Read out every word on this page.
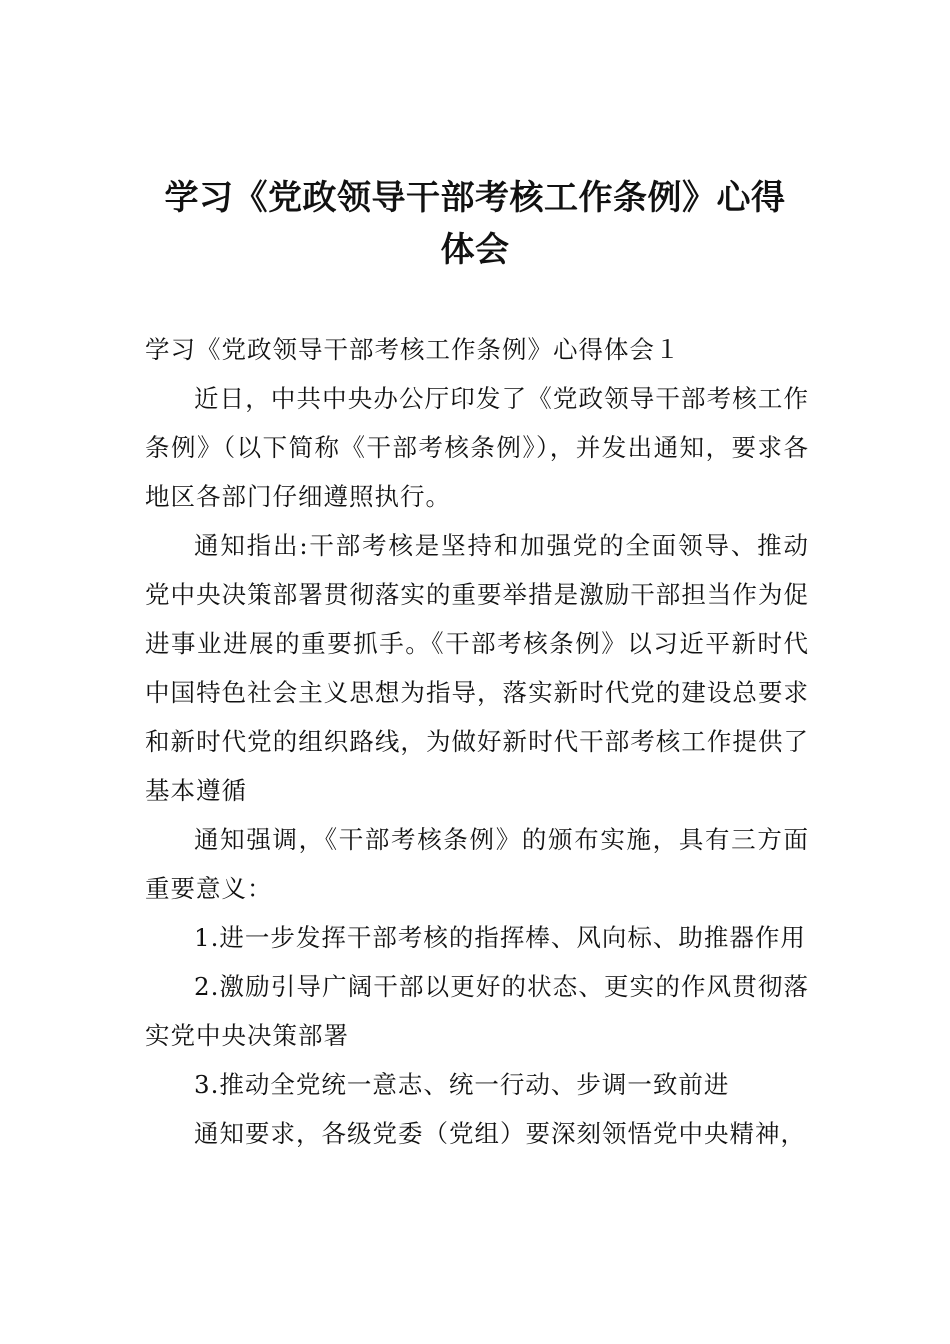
学习《党政领导干部考核工作条例》心得
体会

学习《党政领导干部考核工作条例》心得体会１

近日，中共中央办公厅印发了《党政领导干部考核工作条例》（以下简称《干部考核条例》），并发出通知，要求各地区各部门仔细遵照执行。

通知指出:干部考核是坚持和加强党的全面领导、推动党中央决策部署贯彻落实的重要举措是激励干部担当作为促进事业进展的重要抓手。《干部考核条例》以习近平新时代中国特色社会主义思想为指导，落实新时代党的建设总要求和新时代党的组织路线，为做好新时代干部考核工作提供了基本遵循

通知强调，《干部考核条例》的颁布实施，具有三方面重要意义：

1.进一步发挥干部考核的指挥棒、风向标、助推器作用

2.激励引导广阔干部以更好的状态、更实的作风贯彻落实党中央决策部署

3.推动全党统一意志、统一行动、步调一致前进

通知要求，各级党委（党组）要深刻领悟党中央精神，
